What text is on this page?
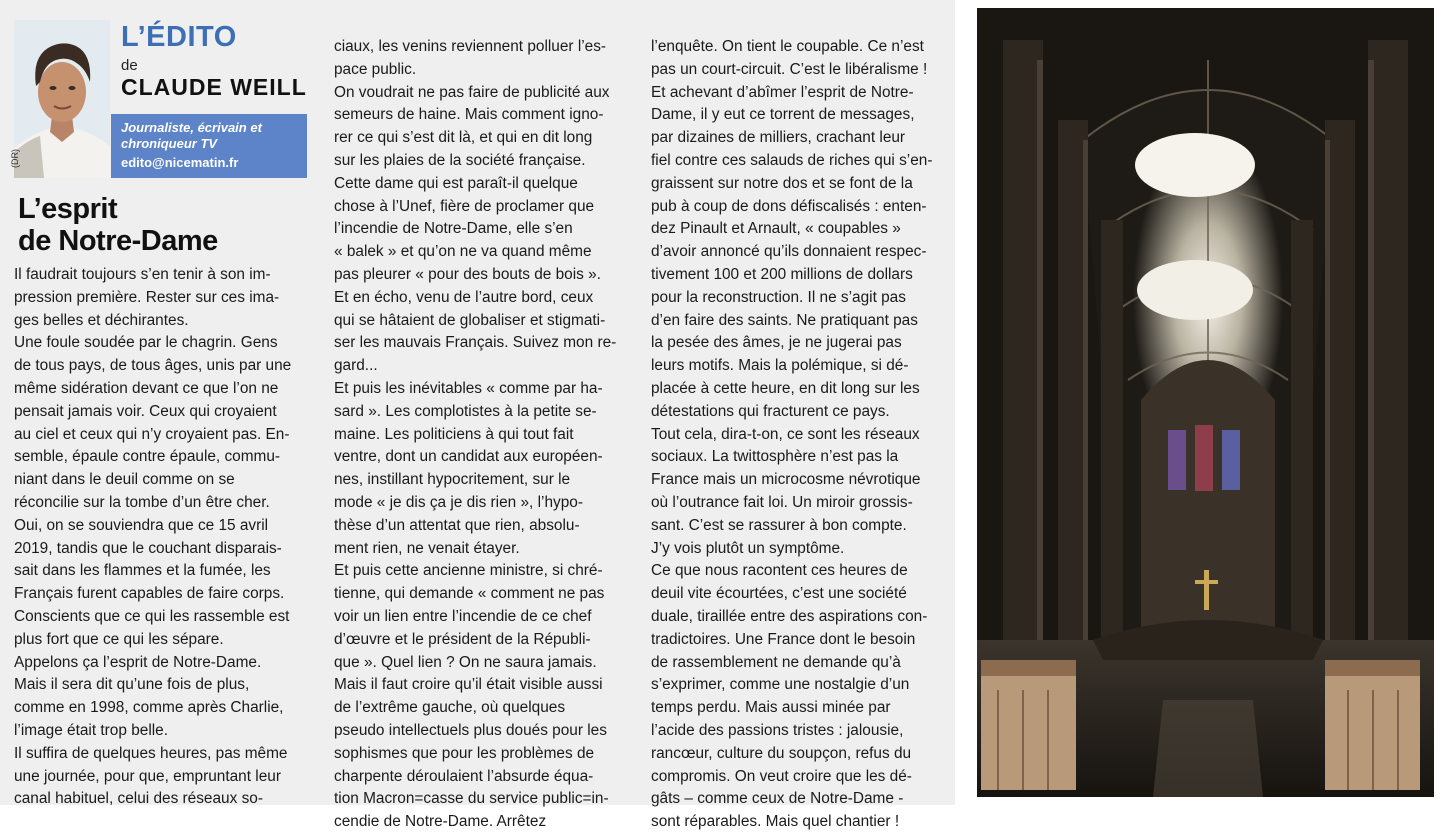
(DR)
L’ÉDITO
de
CLAUDE WEILL
Journaliste, écrivain et chroniqueur TV
edito@nicematin.fr
L’esprit
de Notre-Dame

Il faudrait toujours s’en tenir à son im-

pression première. Rester sur ces ima-

ges belles et déchirantes.

Une foule soudée par le chagrin. Gens

de tous pays, de tous âges, unis par une

même sidération devant ce que l’on ne

pensait jamais voir. Ceux qui croyaient

au ciel et ceux qui n’y croyaient pas. En-

semble, épaule contre épaule, commu-

niant dans le deuil comme on se

réconcilie sur la tombe d’un être cher.

Oui, on se souviendra que ce 15 avril

2019, tandis que le couchant disparais-

sait dans les flammes et la fumée, les

Français furent capables de faire corps.

Conscients que ce qui les rassemble est

plus fort que ce qui les sépare.

Appelons ça l’esprit de Notre-Dame.

Mais il sera dit qu’une fois de plus,

comme en 1998, comme après Charlie,

l’image était trop belle.

Il suffira de quelques heures, pas même

une journée, pour que, empruntant leur

canal habituel, celui des réseaux so-

ciaux, les venins reviennent polluer l’es-

pace public.

On voudrait ne pas faire de publicité aux

semeurs de haine. Mais comment igno-

rer ce qui s’est dit là, et qui en dit long

sur les plaies de la société française.

Cette dame qui est paraît-il quelque

chose à l’Unef, fière de proclamer que

l’incendie de Notre-Dame, elle s’en

« balek » et qu’on ne va quand même

pas pleurer « pour des bouts de bois ».

Et en écho, venu de l’autre bord, ceux

qui se hâtaient de globaliser et stigmati-

ser les mauvais Français. Suivez mon re-

gard...

Et puis les inévitables « comme par ha-

sard ». Les complotistes à la petite se-

maine. Les politiciens à qui tout fait

ventre, dont un candidat aux européen-

nes, instillant hypocritement, sur le

mode « je dis ça je dis rien », l’hypo-

thèse d’un attentat que rien, absolu-

ment rien, ne venait étayer.

Et puis cette ancienne ministre, si chré-

tienne, qui demande « comment ne pas

voir un lien entre l’incendie de ce chef

d’œuvre et le président de la Républi-

que ». Quel lien ? On ne saura jamais.

Mais il faut croire qu’il était visible aussi

de l’extrême gauche, où quelques

pseudo intellectuels plus doués pour les

sophismes que pour les problèmes de

charpente déroulaient l’absurde équa-

tion Macron=casse du service public=in-

cendie de Notre-Dame. Arrêtez

l’enquête. On tient le coupable. Ce n’est

pas un court-circuit. C’est le libéralisme !

Et achevant d’abîmer l’esprit de Notre-

Dame, il y eut ce torrent de messages,

par dizaines de milliers, crachant leur

fiel contre ces salauds de riches qui s’en-

graissent sur notre dos et se font de la

pub à coup de dons défiscalisés : enten-

dez Pinault et Arnault, « coupables »

d’avoir annoncé qu’ils donnaient respec-

tivement 100 et 200 millions de dollars

pour la reconstruction. Il ne s’agit pas

d’en faire des saints. Ne pratiquant pas

la pesée des âmes, je ne jugerai pas

leurs motifs. Mais la polémique, si dé-

placée à cette heure, en dit long sur les

détestations qui fracturent ce pays.

Tout cela, dira-t-on, ce sont les réseaux

sociaux. La twittosphère n’est pas la

France mais un microcosme névrotique

où l’outrance fait loi. Un miroir grossis-

sant. C’est se rassurer à bon compte.

J’y vois plutôt un symptôme.

Ce que nous racontent ces heures de

deuil vite écourtées, c’est une société

duale, tiraillée entre des aspirations con-

tradictoires. Une France dont le besoin

de rassemblement ne demande qu’à

s’exprimer, comme une nostalgie d’un

temps perdu. Mais aussi minée par

l’acide des passions tristes : jalousie,

rancœur, culture du soupçon, refus du

compromis. On veut croire que les dé-

gâts – comme ceux de Notre-Dame -

sont réparables. Mais quel chantier !
